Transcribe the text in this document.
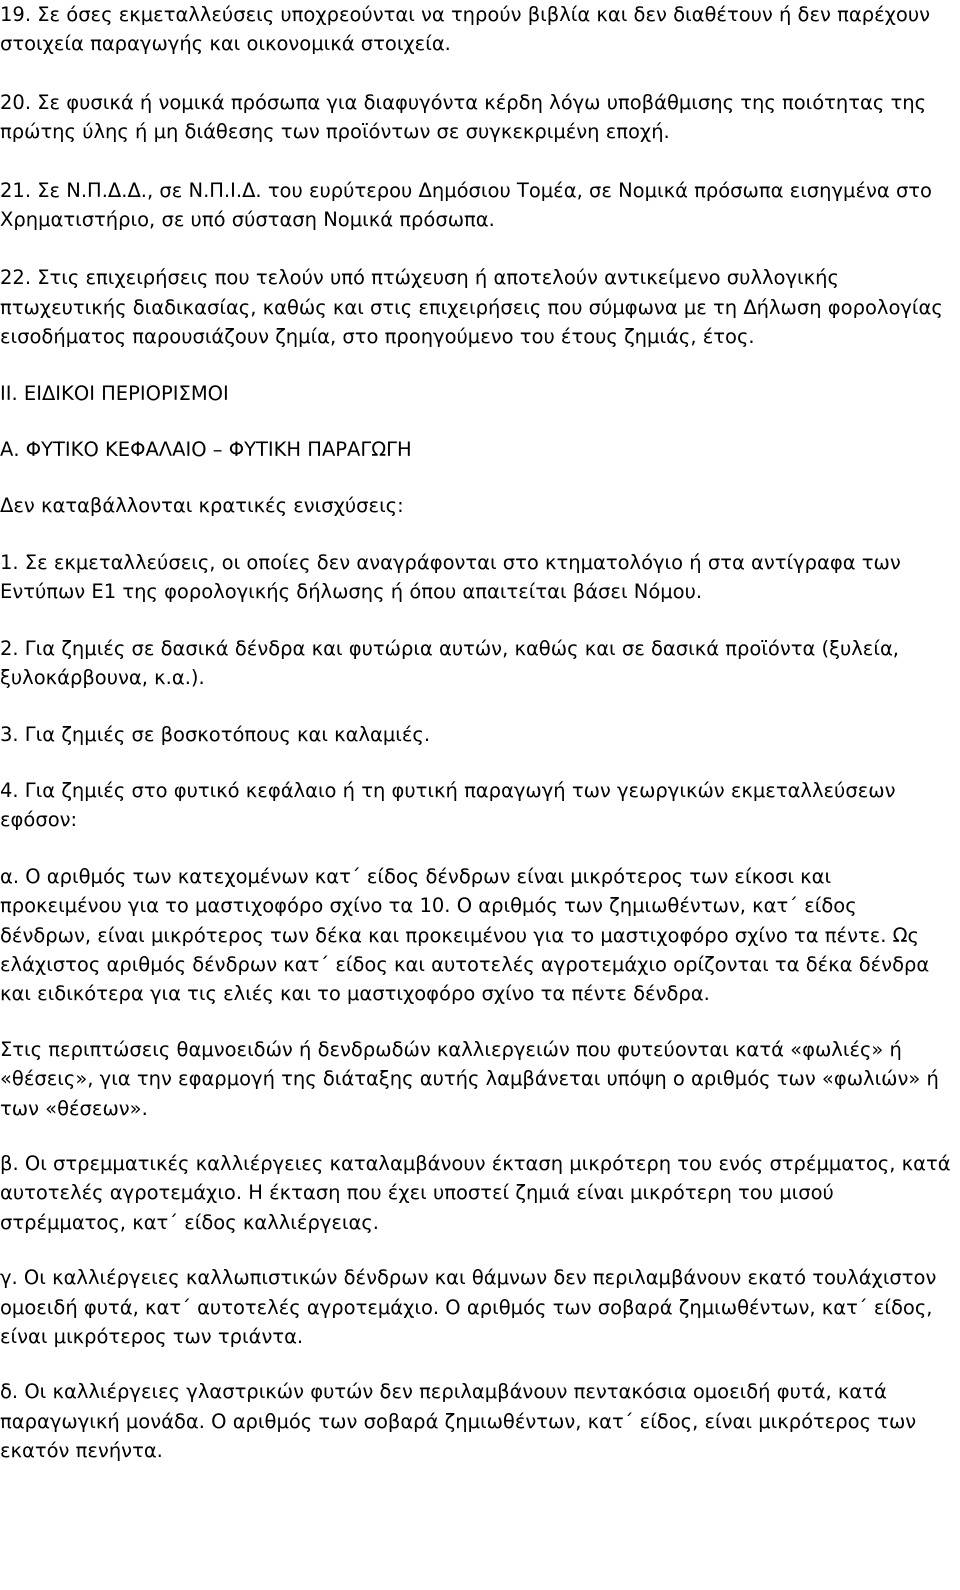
19. Σε όσες εκμεταλλεύσεις υποχρεούνται να τηρούν βιβλία και δεν διαθέτουν ή δεν παρέχουν στοιχεία παραγωγής και οικονομικά στοιχεία.

20. Σε φυσικά ή νομικά πρόσωπα για διαφυγόντα κέρδη λόγω υποβάθμισης της ποιότητας της πρώτης ύλης ή μη διάθεσης των προϊόντων σε συγκεκριμένη εποχή.

21. Σε Ν.Π.Δ.Δ., σε Ν.Π.Ι.Δ. του ευρύτερου Δημόσιου Τομέα, σε Νομικά πρόσωπα εισηγμένα στο Χρηματιστήριο, σε υπό σύσταση Νομικά πρόσωπα.

22. Στις επιχειρήσεις που τελούν υπό πτώχευση ή αποτελούν αντικείμενο συλλογικής πτωχευτικής διαδικασίας, καθώς και στις επιχειρήσεις που σύμφωνα με τη Δήλωση φορολογίας εισοδήματος παρουσιάζουν ζημία, στο προηγούμενο του έτους ζημιάς, έτος.

ΙΙ. ΕΙΔΙΚΟΙ ΠΕΡΙΟΡΙΣΜΟΙ

Α. ΦΥΤΙΚΟ ΚΕΦΑΛΑΙΟ – ΦΥΤΙΚΗ ΠΑΡΑΓΩΓΗ

Δεν καταβάλλονται κρατικές ενισχύσεις:

1. Σε εκμεταλλεύσεις, οι οποίες δεν αναγράφονται στο κτηματολόγιο ή στα αντίγραφα των Εντύπων Ε1 της φορολογικής δήλωσης ή όπου απαιτείται βάσει Νόμου.

2. Για ζημιές σε δασικά δένδρα και φυτώρια αυτών, καθώς και σε δασικά προϊόντα (ξυλεία, ξυλοκάρβουνα, κ.α.).

3. Για ζημιές σε βοσκοτόπους και καλαμιές.

4. Για ζημιές στο φυτικό κεφάλαιο ή τη φυτική παραγωγή των γεωργικών εκμεταλλεύσεων εφόσον:

α. Ο αριθμός των κατεχομένων κατ΄ είδος δένδρων είναι μικρότερος των είκοσι και προκειμένου για το μαστιχοφόρο σχίνο τα 10. Ο αριθμός των ζημιωθέντων, κατ΄ είδος δένδρων, είναι μικρότερος των δέκα και προκειμένου για το μαστιχοφόρο σχίνο τα πέντε. Ως ελάχιστος αριθμός δένδρων κατ΄ είδος και αυτοτελές αγροτεμάχιο ορίζονται τα δέκα δένδρα και ειδικότερα για τις ελιές και το μαστιχοφόρο σχίνο τα πέντε δένδρα.

Στις περιπτώσεις θαμνοειδών ή δενδρωδών καλλιεργειών που φυτεύονται κατά «φωλιές» ή «θέσεις», για την εφαρμογή της διάταξης αυτής λαμβάνεται υπόψη ο αριθμός των «φωλιών» ή των «θέσεων».

β. Οι στρεμματικές καλλιέργειες καταλαμβάνουν έκταση μικρότερη του ενός στρέμματος, κατά αυτοτελές αγροτεμάχιο. Η έκταση που έχει υποστεί ζημιά είναι μικρότερη του μισού στρέμματος, κατ΄ είδος καλλιέργειας.

γ. Οι καλλιέργειες καλλωπιστικών δένδρων και θάμνων δεν περιλαμβάνουν εκατό τουλάχιστον ομοειδή φυτά, κατ΄ αυτοτελές αγροτεμάχιο. Ο αριθμός των σοβαρά ζημιωθέντων, κατ΄ είδος, είναι μικρότερος των τριάντα.

δ. Οι καλλιέργειες γλαστρικών φυτών δεν περιλαμβάνουν πεντακόσια ομοειδή φυτά, κατά παραγωγική μονάδα. Ο αριθμός των σοβαρά ζημιωθέντων, κατ΄ είδος, είναι μικρότερος των εκατόν πενήντα.
